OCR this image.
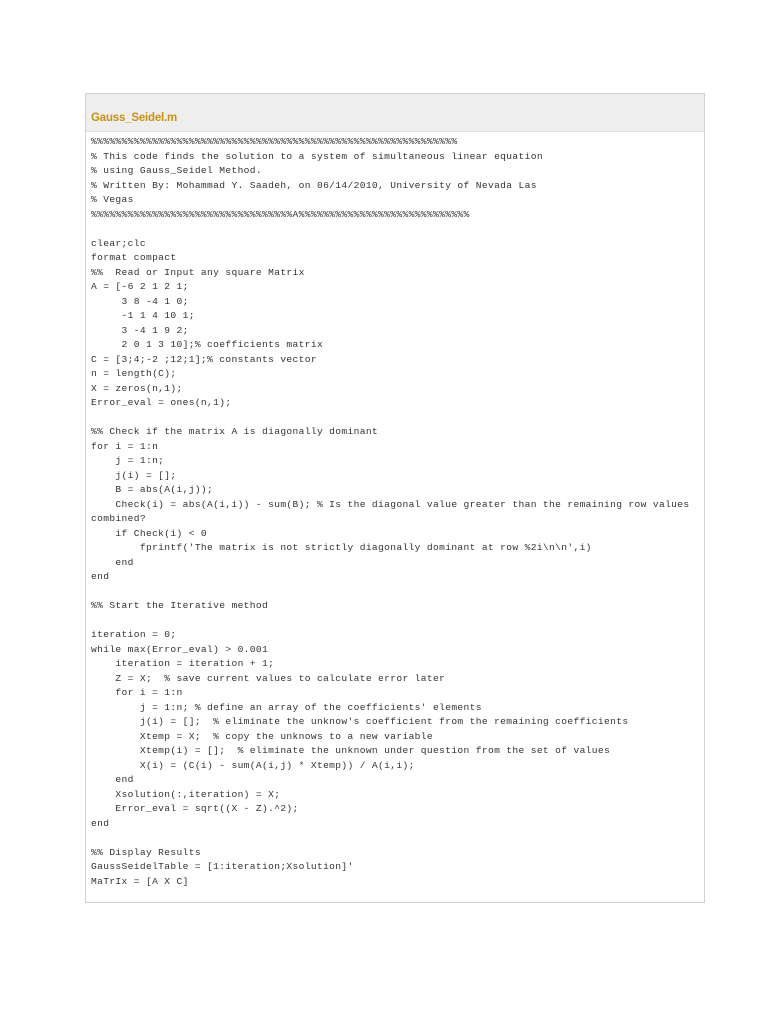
Gauss_Seidel.m
%%%%%%%%%%%%%%%%%%%%%%%%%%%%%%%%%%%%%%%%%%%%%%%%%%%%%%%%%%%%
% This code finds the solution to a system of simultaneous linear equation
% using Gauss_Seidel Method.
% Written By: Mohammad Y. Saadeh, on 06/14/2010, University of Nevada Las
% Vegas
%%%%%%%%%%%%%%%%%%%%%%%%%%%%%%%%%A%%%%%%%%%%%%%%%%%%%%%%%%%%%%
clear;clc
format compact
%%  Read or Input any square Matrix
A = [-6 2 1 2 1;
3 8 -4 1 0;
-1 1 4 10 1;
3 -4 1 9 2;
2 0 1 3 10];% coefficients matrix
C = [3;4;-2 ;12;1];% constants vector
n = length(C);
X = zeros(n,1);
Error_eval = ones(n,1);
%% Check if the matrix A is diagonally dominant
for i = 1:n
j = 1:n;
j(i) = [];
B = abs(A(i,j));
Check(i) = abs(A(i,i)) - sum(B); % Is the diagonal value greater than the remaining row values
combined?
if Check(i) < 0
fprintf('The matrix is not strictly diagonally dominant at row %2i\n\n',i)
end
end
%% Start the Iterative method
iteration = 0;
while max(Error_eval) > 0.001
iteration = iteration + 1;
Z = X;  % save current values to calculate error later
for i = 1:n
j = 1:n; % define an array of the coefficients' elements
j(i) = [];  % eliminate the unknow's coefficient from the remaining coefficients
Xtemp = X;  % copy the unknows to a new variable
Xtemp(i) = [];  % eliminate the unknown under question from the set of values
X(i) = (C(i) - sum(A(i,j) * Xtemp)) / A(i,i);
end
Xsolution(:,iteration) = X;
Error_eval = sqrt((X - Z).^2);
end
%% Display Results
GaussSeidelTable = [1:iteration;Xsolution]'
MaTrIx = [A X C]
